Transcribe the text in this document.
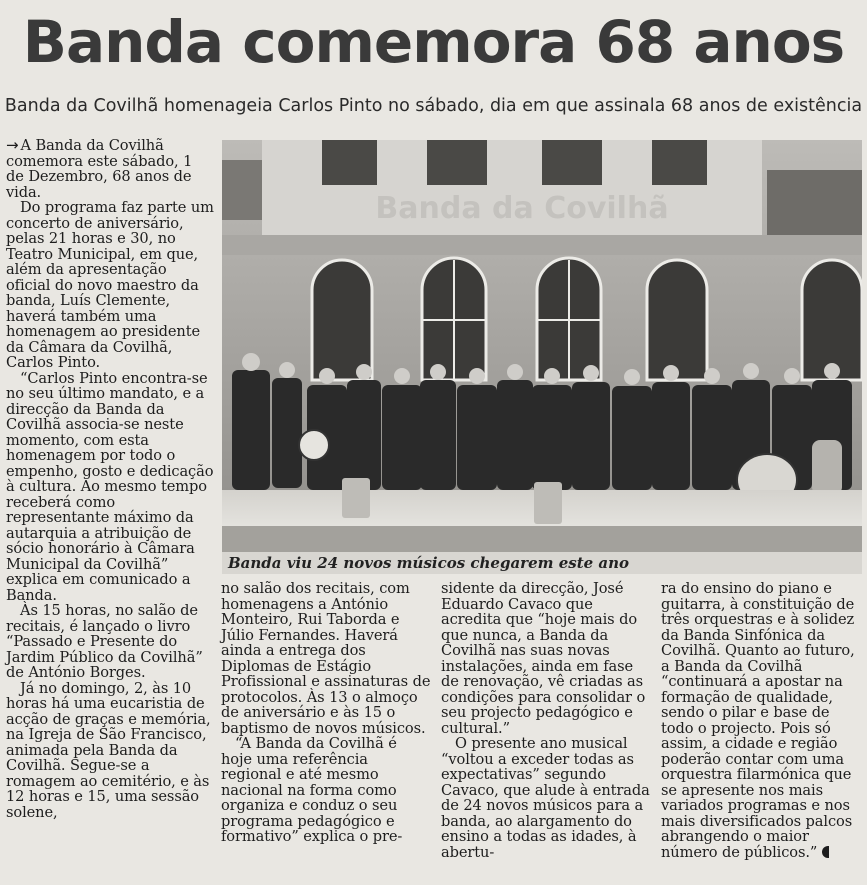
Banda comemora 68 anos
Banda da Covilhã homenageia Carlos Pinto no sábado, dia em que assinala 68 anos de existência

→ A Banda da Covilhã comemora este sábado, 1 de Dezembro, 68 anos de vida.

Do programa faz parte um concerto de aniversário, pelas 21 horas e 30, no Teatro Municipal, em que, além da apresentação oficial do novo maestro da banda, Luís Clemente, haverá também uma homenagem ao presidente da Câmara da Covilhã, Carlos Pinto.

“Carlos Pinto encontra-se no seu último mandato, e a direcção da Banda da Covilhã associa-se neste momento, com esta homenagem por todo o empenho, gosto e dedicação à cultura. Ao mesmo tempo receberá como representante máximo da autarquia a atribuição de sócio honorário à Câmara Municipal da Covilhã” explica em comunicado a Banda.

Às 15 horas, no salão de recitais, é lançado o livro “Passado e Presente do Jardim Público da Covilhã” de António Borges.

Já no domingo, 2, às 10 horas há uma eucaristia de acção de graças e memória, na Igreja de São Francisco, animada pela Banda da Covilhã. Segue-se a romagem ao cemitério, e às 12 horas e 15, uma sessão solene,

Banda da Covilhã
Banda viu 24 novos músicos chegarem este ano

no salão dos recitais, com homenagens a António Monteiro, Rui Taborda e Júlio Fernandes. Haverá ainda a entrega dos Diplomas de Estágio Profissional e assinaturas de protocolos. Às 13 o almoço de aniversário e às 15 o baptismo de novos músicos.

“A Banda da Covilhã é hoje uma referência regional e até mesmo nacional na forma como organiza e conduz o seu programa pedagógico e formativo” explica o pre-

sidente da direcção, José Eduardo Cavaco que acredita que “hoje mais do que nunca, a Banda da Covilhã nas suas novas instalações, ainda em fase de renovação, vê criadas as condições para consolidar o seu projecto pedagógico e cultural.”

O presente ano musical “voltou a exceder todas as expectativas” segundo Cavaco, que alude à entrada de 24 novos músicos para a banda, ao alargamento do ensino a todas as idades, à abertu-

ra do ensino do piano e guitarra, à constituição de três orquestras e à solidez da Banda Sinfónica da Covilhã. Quanto ao futuro, a Banda da Covilhã “continuará a apostar na formação de qualidade, sendo o pilar e base de todo o projecto. Pois só assim, a cidade e região poderão contar com uma orquestra filarmónica que se apresente nos mais variados programas e nos mais diversificados palcos abrangendo o maior número de públicos.”
